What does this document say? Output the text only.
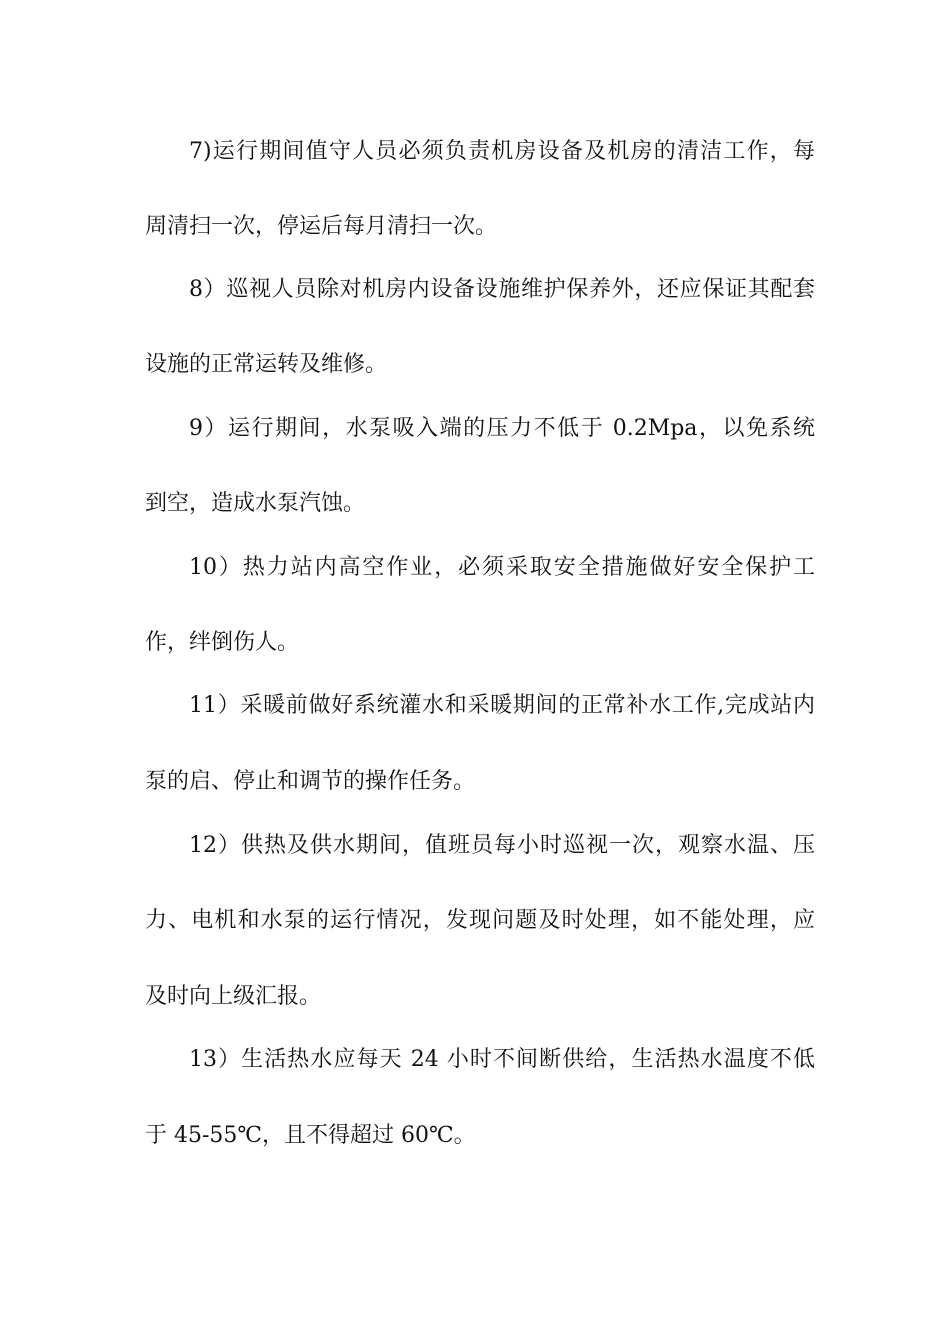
7)运行期间值守人员必须负责机房设备及机房的清洁工作，每
周清扫一次，停运后每月清扫一次。
8）巡视人员除对机房内设备设施维护保养外，还应保证其配套
设施的正常运转及维修。
9）运行期间，水泵吸入端的压力不低于 0.2Mpa，以免系统
到空，造成水泵汽蚀。
10）热力站内高空作业，必须采取安全措施做好安全保护工
作，绊倒伤人。
11）采暖前做好系统灌水和采暖期间的正常补水工作,完成站内
泵的启、停止和调节的操作任务。
12）供热及供水期间，值班员每小时巡视一次，观察水温、压
力、电机和水泵的运行情况，发现问题及时处理，如不能处理，应
及时向上级汇报。
13）生活热水应每天 24 小时不间断供给，生活热水温度不低
于 45-55℃，且不得超过 60℃。
